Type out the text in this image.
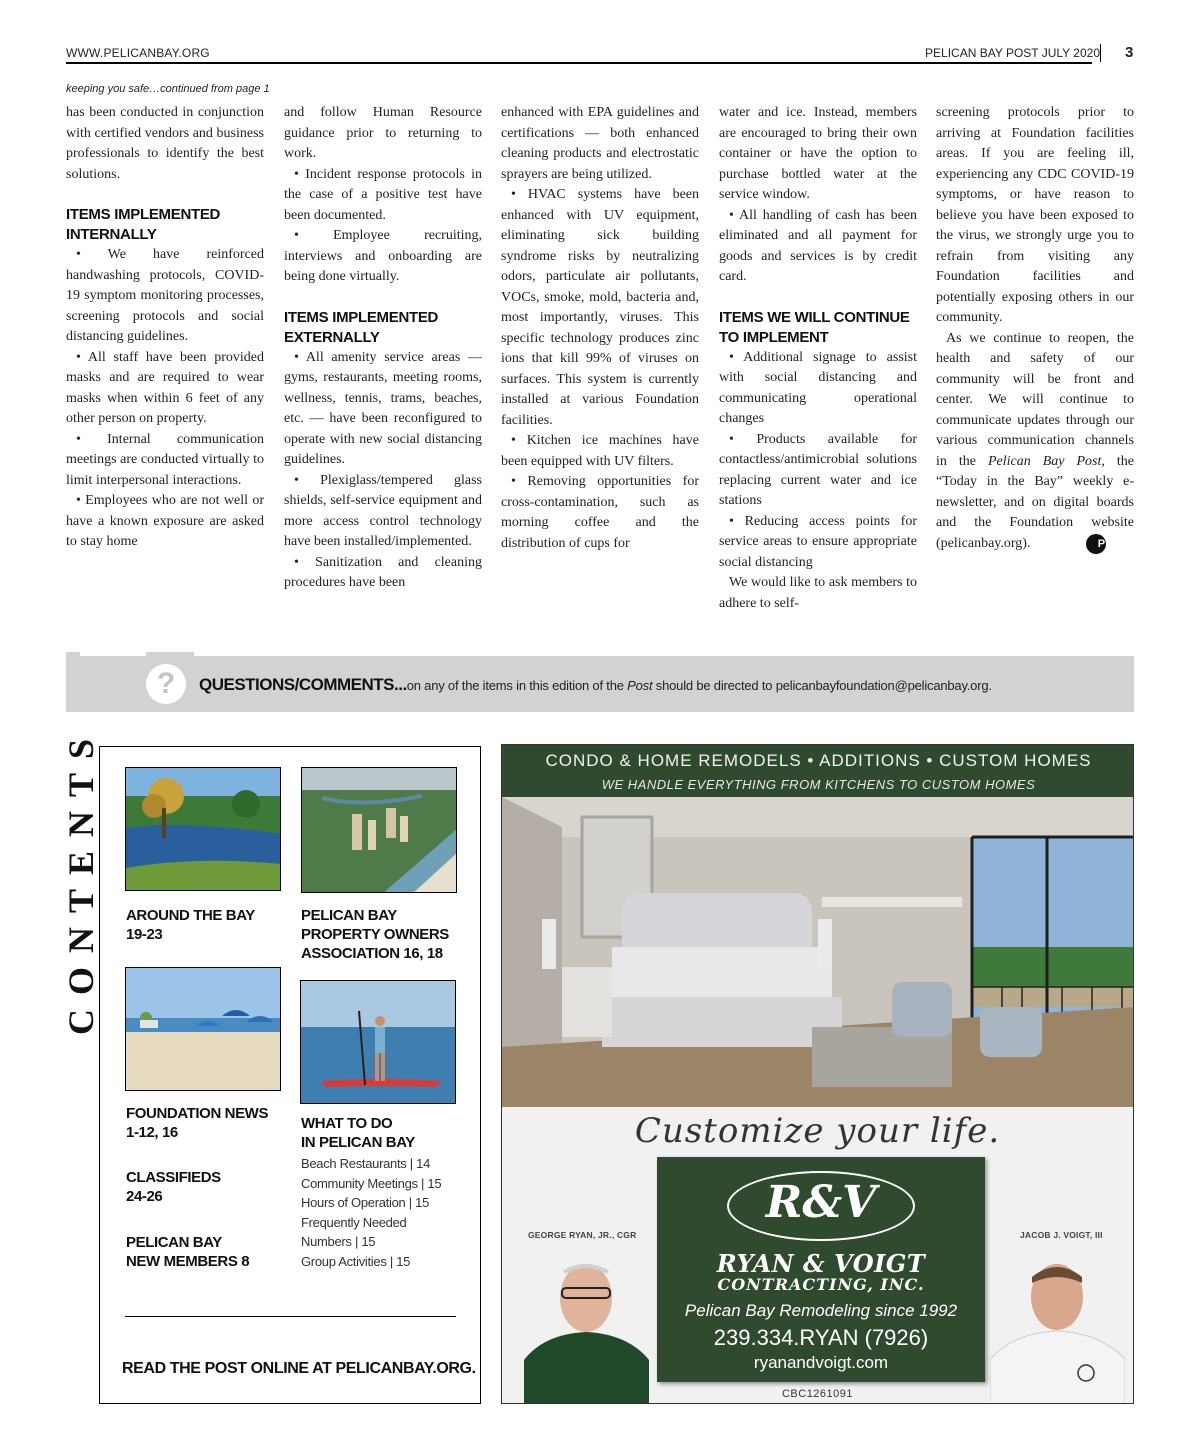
WWW.PELICANBAY.ORG	PELICAN BAY POST JULY 2020 3
keeping you safe…continued from page 1

has been conducted in conjunction with certified vendors and business professionals to identify the best solutions.

ITEMS IMPLEMENTED INTERNALLY

• We have reinforced handwashing protocols, COVID-19 symptom monitoring processes, screening protocols and social distancing guidelines.

• All staff have been provided masks and are required to wear masks when within 6 feet of any other person on property.

• Internal communication meetings are conducted virtually to limit interpersonal interactions.

• Employees who are not well or have a known exposure are asked to stay home

and follow Human Resource guidance prior to returning to work.

• Incident response protocols in the case of a positive test have been documented.

• Employee recruiting, interviews and onboarding are being done virtually.

ITEMS IMPLEMENTED EXTERNALLY

• All amenity service areas — gyms, restaurants, meeting rooms, wellness, tennis, trams, beaches, etc. — have been reconfigured to operate with new social distancing guidelines.

• Plexiglass/tempered glass shields, self-service equipment and more access control technology have been installed/implemented.

• Sanitization and cleaning procedures have been

enhanced with EPA guidelines and certifications — both enhanced cleaning products and electrostatic sprayers are being utilized.

• HVAC systems have been enhanced with UV equipment, eliminating sick building syndrome risks by neutralizing odors, particulate air pollutants, VOCs, smoke, mold, bacteria and, most importantly, viruses. This specific technology produces zinc ions that kill 99% of viruses on surfaces. This system is currently installed at various Foundation facilities.

• Kitchen ice machines have been equipped with UV filters.

• Removing opportunities for cross-contamination, such as morning coffee and the distribution of cups for

water and ice. Instead, members are encouraged to bring their own container or have the option to purchase bottled water at the service window.

• All handling of cash has been eliminated and all payment for goods and services is by credit card.

ITEMS WE WILL CONTINUE TO IMPLEMENT

• Additional signage to assist with social distancing and communicating operational changes

• Products available for contactless/antimicrobial solutions replacing current water and ice stations

• Reducing access points for service areas to ensure appropriate social distancing

We would like to ask members to adhere to self-

screening protocols prior to arriving at Foundation facilities areas. If you are feeling ill, experiencing any CDC COVID-19 symptoms, or have reason to believe you have been exposed to the virus, we strongly urge you to refrain from visiting any Foundation facilities and potentially exposing others in our community.

As we continue to reopen, the health and safety of our community will be front and center. We will continue to communicate updates through our various communication channels in the Pelican Bay Post, the “Today in the Bay” weekly e-newsletter, and on digital boards and the Foundation website (pelicanbay.org).	P

?	QUESTIONS/COMMENTS...on any of the items in this edition of the Post should be directed to pelicanbayfoundation@pelicanbay.org.
CONTENTS AROUND THE BAY
19-23
PELICAN BAY
PROPERTY OWNERS
ASSOCIATION 16, 18
FOUNDATION NEWS
1-12, 16
WHAT TO DO
IN PELICAN BAY
Beach Restaurants | 14
Community Meetings | 15
Hours of Operation | 15
Frequently Needed
Numbers | 15
Group Activities | 15
CLASSIFIEDS
24-26
PELICAN BAY
NEW MEMBERS 8
READ THE POST ONLINE AT PELICANBAY.ORG.
CONDO & HOME REMODELS • ADDITIONS • CUSTOM HOMES
WE HANDLE EVERYTHING FROM KITCHENS TO CUSTOM HOMES
Customize your life.
GEORGE RYAN, JR., CGR	JACOB J. VOIGT, III
R&V
RYAN & VOIGT
CONTRACTING, INC.
Pelican Bay Remodeling since 1992
239.334.RYAN (7926)
ryanandvoigt.com
CBC1261091
